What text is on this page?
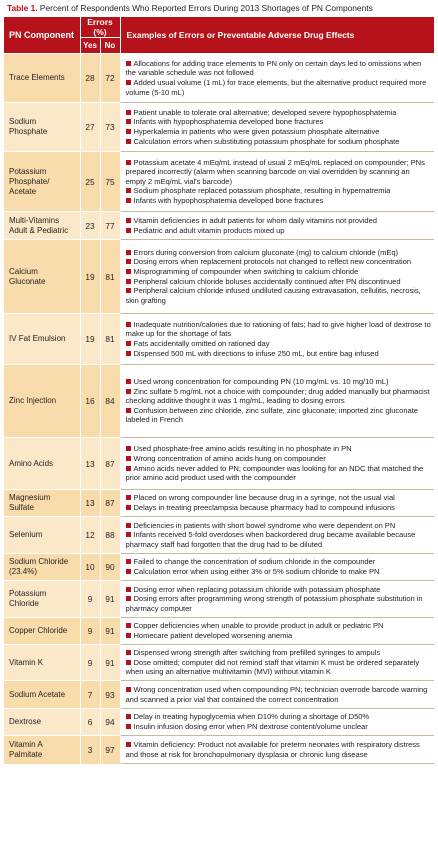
Table 1. Percent of Respondents Who Reported Errors During 2013 Shortages of PN Components
PN Component	Errors (%)		Examples of Errors or Preventable Adverse Drug Effects
	Yes	No	
Trace Elements	28	72	Allocations for adding trace elements to PN only on certain days led to omissions when the variable schedule was not followed

Added usual volume (1 mL) for trace elements, but the alternative product required more volume (5-10 mL)

Sodium Phosphate	27	73	Patient unable to tolerate oral alternative; developed severe hypophosphatemia

Infants with hypophosphatemia developed bone fractures

Hyperkalemia in patients who were given potassium phosphate alternative

Calculation errors when substituting potassium phosphate for sodium phosphate

Potassium Phosphate/ Acetate	25	75	Potassium acetate 4 mEq/mL instead of usual 2 mEq/mL replaced on compounder; PNs prepared incorrectly (alarm when scanning barcode on vial overridden by scanning an empty 2 mEq/mL vial's barcode)

Sodium phosphate replaced potassium phosphate, resulting in hypernatremia

Infants with hypophosphatemia developed bone fractures

Multi-Vitamins Adult & Pediatric	23	77	Vitamin deficiencies in adult patients for whom daily vitamins not provided

Pediatric and adult vitamin products mixed up

Calcium Gluconate	19	81	Errors during conversion from calcium gluconate (mg) to calcium chloride (mEq)

Dosing errors when replacement protocols not changed to reflect new concentration

Misprogramming of compounder when switching to calcium chloride

Peripheral calcium chloride boluses accidentally continued after PN discontinued

Peripheral calcium chloride infused undiluted causing extravasation, cellulitis, necrosis, skin grafting

IV Fat Emulsion	19	81	Inadequate nutrition/calories due to rationing of fats; had to give higher load of dextrose to make up for the shortage of fats

Fats accidentally omitted on rationed day

Dispensed 500 mL with directions to infuse 250 mL, but entire bag infused

Zinc Injection	16	84	Used wrong concentration for compounding PN (10 mg/mL vs. 10 mg/10 mL)

Zinc sulfate 5 mg/mL not a choice with compounder; drug added manually but pharmacist checking additive thought it was 1 mg/mL, leading to dosing errors

Confusion between zinc chloride, zinc sulfate, zinc gluconate; imported zinc gluconate labeled in French

Amino Acids	13	87	Used phosphate-free amino acids resulting in no phosphate in PN

Wrong concentration of amino acids hung on compounder

Amino acids never added to PN; compounder was looking for an NDC that matched the prior amino acid product used with the compounder

Magnesium Sulfate	13	87	Placed on wrong compounder line because drug in a syringe, not the usual vial

Delays in treating preeclampsia because pharmacy had to compound infusions

Selenium	12	88	Deficiencies in patients with short bowel syndrome who were dependent on PN

Infants received 5-fold overdoses when backordered drug became available because pharmacy staff had forgotten that the drug had to be diluted

Sodium Chloride (23.4%)	10	90	Failed to change the concentration of sodium chloride in the compounder

Calculation error when using either 3% or 5% sodium chloride to make PN

Potassium Chloride	9	91	Dosing error when replacing potassium chloride with potassium phosphate

Dosing errors after programming wrong strength of potassium phosphate substitution in pharmacy computer

Copper Chloride	9	91	Copper deficiencies when unable to provide product in adult or pediatric PN

Homecare patient developed worsening anemia

Vitamin K	9	91	Dispensed wrong strength after switching from prefilled syringes to ampuls

Dose omitted; computer did not remind staff that vitamin K must be ordered separately when using an alternative multivitamin (MVI) without vitamin K

Sodium Acetate	7	93	Wrong concentration used when compounding PN; technician overrode barcode warning and scanned a prior vial that contained the correct concentration

Dextrose	6	94	Delay in treating hypoglycemia when D10% during a shortage of D50%

Insulin infusion dosing error when PN dextrose content/volume unclear

Vitamin A Palmitate	3	97	Vitamin deficiency: Product not available for preterm neonates with respiratory distress and those at risk for bronchopulmonary dysplasia or chronic lung disease
